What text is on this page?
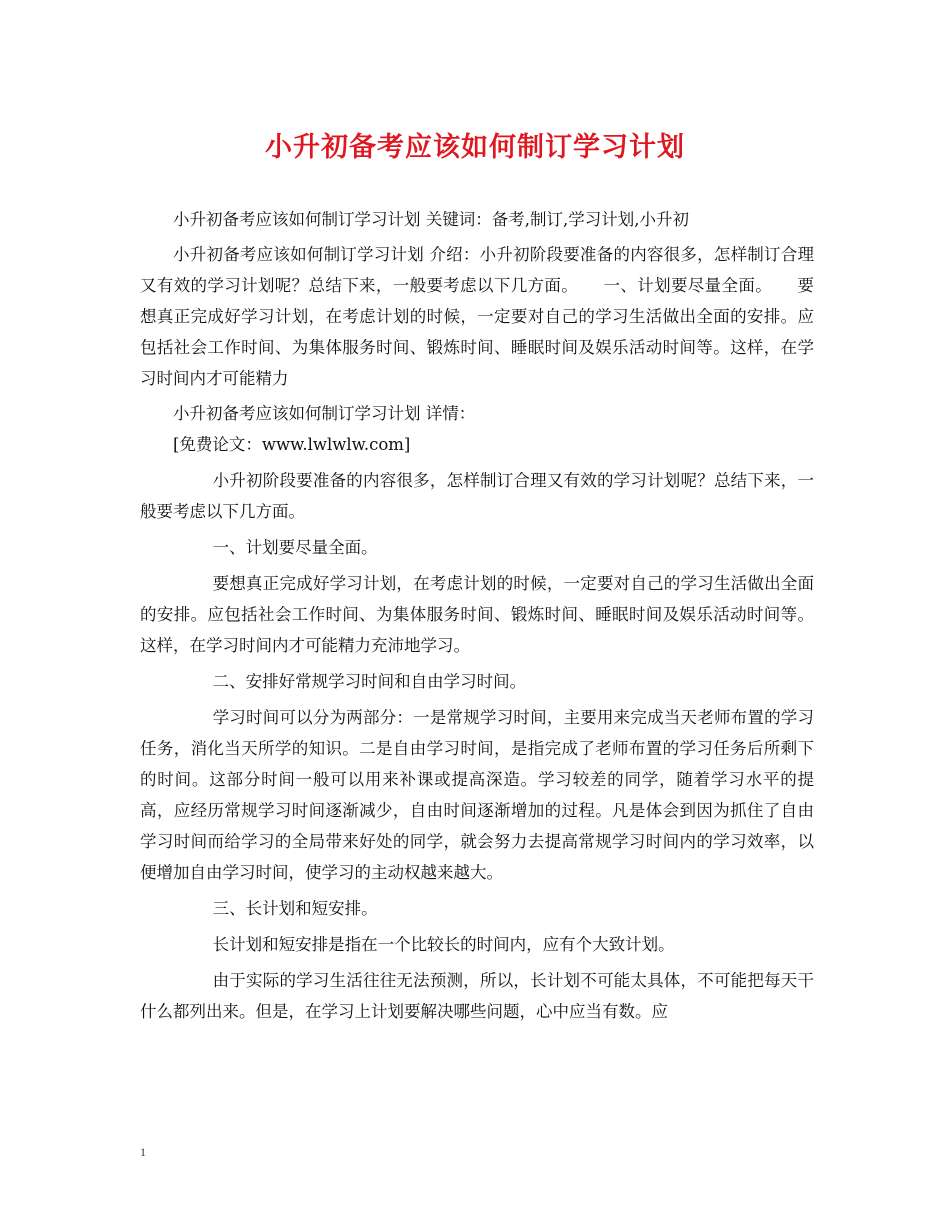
小升初备考应该如何制订学习计划

小升初备考应该如何制订学习计划 关键词：备考,制订,学习计划,小升初

小升初备考应该如何制订学习计划 介绍：小升初阶段要准备的内容很多，怎样制订合理又有效的学习计划呢？总结下来，一般要考虑以下几方面。　　一、计划要尽量全面。　　要想真正完成好学习计划，在考虑计划的时候，一定要对自己的学习生活做出全面的安排。应包括社会工作时间、为集体服务时间、锻炼时间、睡眠时间及娱乐活动时间等。这样，在学习时间内才可能精力

小升初备考应该如何制订学习计划 详情：

[免费论文：www.lwlwlw.com]

小升初阶段要准备的内容很多，怎样制订合理又有效的学习计划呢？总结下来，一般要考虑以下几方面。

一、计划要尽量全面。

要想真正完成好学习计划，在考虑计划的时候，一定要对自己的学习生活做出全面的安排。应包括社会工作时间、为集体服务时间、锻炼时间、睡眠时间及娱乐活动时间等。这样，在学习时间内才可能精力充沛地学习。

二、安排好常规学习时间和自由学习时间。

学习时间可以分为两部分：一是常规学习时间，主要用来完成当天老师布置的学习任务，消化当天所学的知识。二是自由学习时间，是指完成了老师布置的学习任务后所剩下的时间。这部分时间一般可以用来补课或提高深造。学习较差的同学，随着学习水平的提高，应经历常规学习时间逐渐减少，自由时间逐渐增加的过程。凡是体会到因为抓住了自由学习时间而给学习的全局带来好处的同学，就会努力去提高常规学习时间内的学习效率，以便增加自由学习时间，使学习的主动权越来越大。

三、长计划和短安排。

长计划和短安排是指在一个比较长的时间内，应有个大致计划。

由于实际的学习生活往往无法预测，所以，长计划不可能太具体，不可能把每天干什么都列出来。但是，在学习上计划要解决哪些问题，心中应当有数。应

1
